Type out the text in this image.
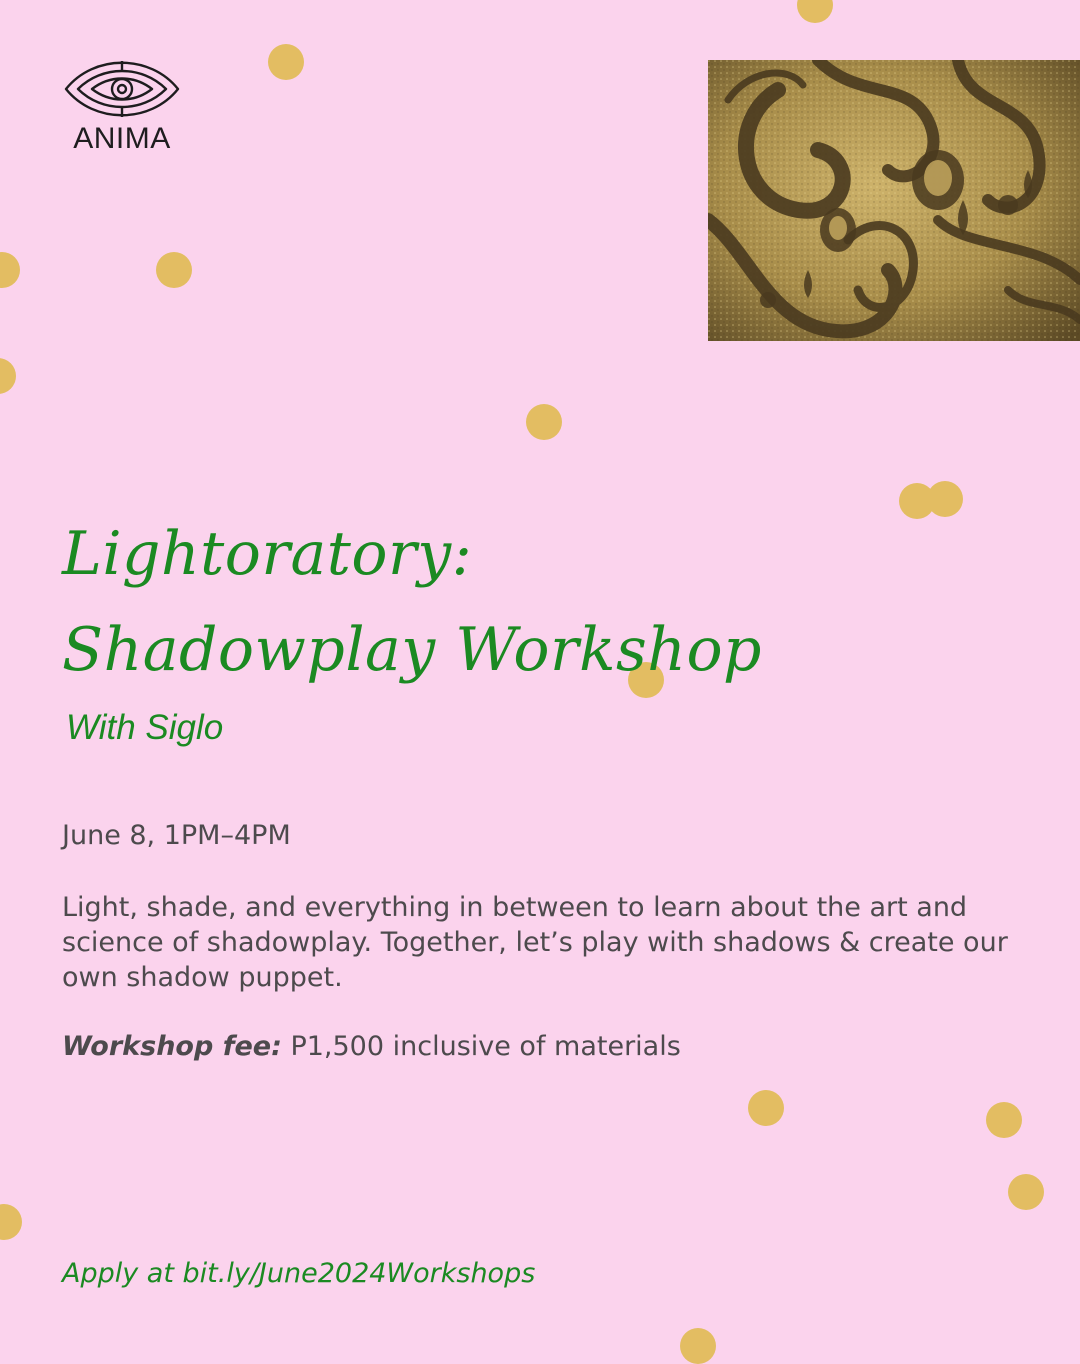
ANIMA
Lightoratory:
Shadowplay Workshop
With Siglo
June 8, 1PM–4PM

Light, shade, and everything in between to learn about the art and science of shadowplay. Together, let’s play with shadows & create our own shadow puppet.

Workshop fee: P1,500 inclusive of materials
Apply at bit.ly/June2024Workshops
